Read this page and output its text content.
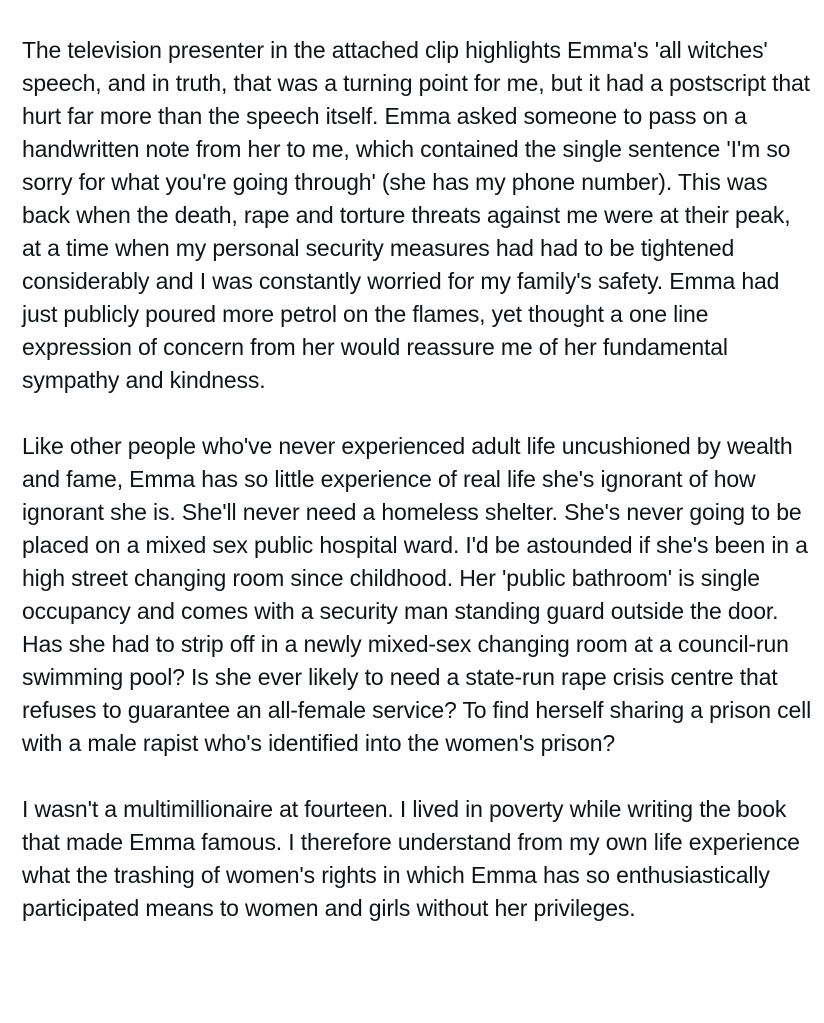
The television presenter in the attached clip highlights Emma's 'all witches' speech, and in truth, that was a turning point for me, but it had a postscript that hurt far more than the speech itself. Emma asked someone to pass on a handwritten note from her to me, which contained the single sentence 'I'm so sorry for what you're going through' (she has my phone number). This was back when the death, rape and torture threats against me were at their peak, at a time when my personal security measures had had to be tightened considerably and I was constantly worried for my family's safety. Emma had just publicly poured more petrol on the flames, yet thought a one line expression of concern from her would reassure me of her fundamental sympathy and kindness.

Like other people who've never experienced adult life uncushioned by wealth and fame, Emma has so little experience of real life she's ignorant of how ignorant she is. She'll never need a homeless shelter. She's never going to be placed on a mixed sex public hospital ward. I'd be astounded if she's been in a high street changing room since childhood. Her 'public bathroom' is single occupancy and comes with a security man standing guard outside the door. Has she had to strip off in a newly mixed-sex changing room at a council-run swimming pool? Is she ever likely to need a state-run rape crisis centre that refuses to guarantee an all-female service? To find herself sharing a prison cell with a male rapist who's identified into the women's prison?

I wasn't a multimillionaire at fourteen. I lived in poverty while writing the book that made Emma famous. I therefore understand from my own life experience what the trashing of women's rights in which Emma has so enthusiastically participated means to women and girls without her privileges.
